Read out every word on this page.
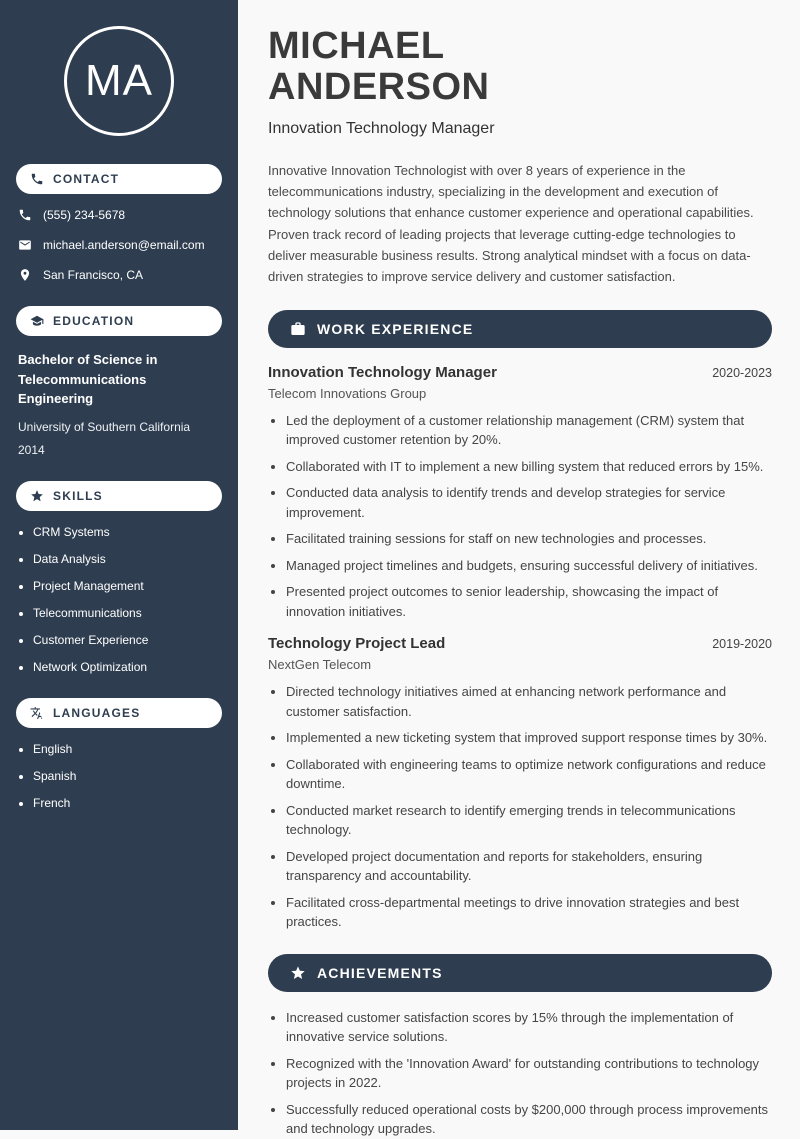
MA
CONTACT
(555) 234-5678
michael.anderson@email.com
San Francisco, CA
EDUCATION
Bachelor of Science in Telecommunications Engineering
University of Southern California
2014
SKILLS
• CRM Systems
• Data Analysis
• Project Management
• Telecommunications
• Customer Experience
• Network Optimization
LANGUAGES
• English
• Spanish
• French
MICHAEL
ANDERSON
Innovation Technology Manager

Innovative Innovation Technologist with over 8 years of experience in the telecommunications industry, specializing in the development and execution of technology solutions that enhance customer experience and operational capabilities. Proven track record of leading projects that leverage cutting-edge technologies to deliver measurable business results. Strong analytical mindset with a focus on data-driven strategies to improve service delivery and customer satisfaction.

WORK EXPERIENCE
Innovation Technology Manager	2020-2023
Telecom Innovations Group
• Led the deployment of a customer relationship management (CRM) system that improved customer retention by 20%.
• Collaborated with IT to implement a new billing system that reduced errors by 15%.
• Conducted data analysis to identify trends and develop strategies for service improvement.
• Facilitated training sessions for staff on new technologies and processes.
• Managed project timelines and budgets, ensuring successful delivery of initiatives.
• Presented project outcomes to senior leadership, showcasing the impact of innovation initiatives.
Technology Project Lead	2019-2020
NextGen Telecom
• Directed technology initiatives aimed at enhancing network performance and customer satisfaction.
• Implemented a new ticketing system that improved support response times by 30%.
• Collaborated with engineering teams to optimize network configurations and reduce downtime.
• Conducted market research to identify emerging trends in telecommunications technology.
• Developed project documentation and reports for stakeholders, ensuring transparency and accountability.
• Facilitated cross-departmental meetings to drive innovation strategies and best practices.
ACHIEVEMENTS
• Increased customer satisfaction scores by 15% through the implementation of innovative service solutions.
• Recognized with the 'Innovation Award' for outstanding contributions to technology projects in 2022.
• Successfully reduced operational costs by $200,000 through process improvements and technology upgrades.
